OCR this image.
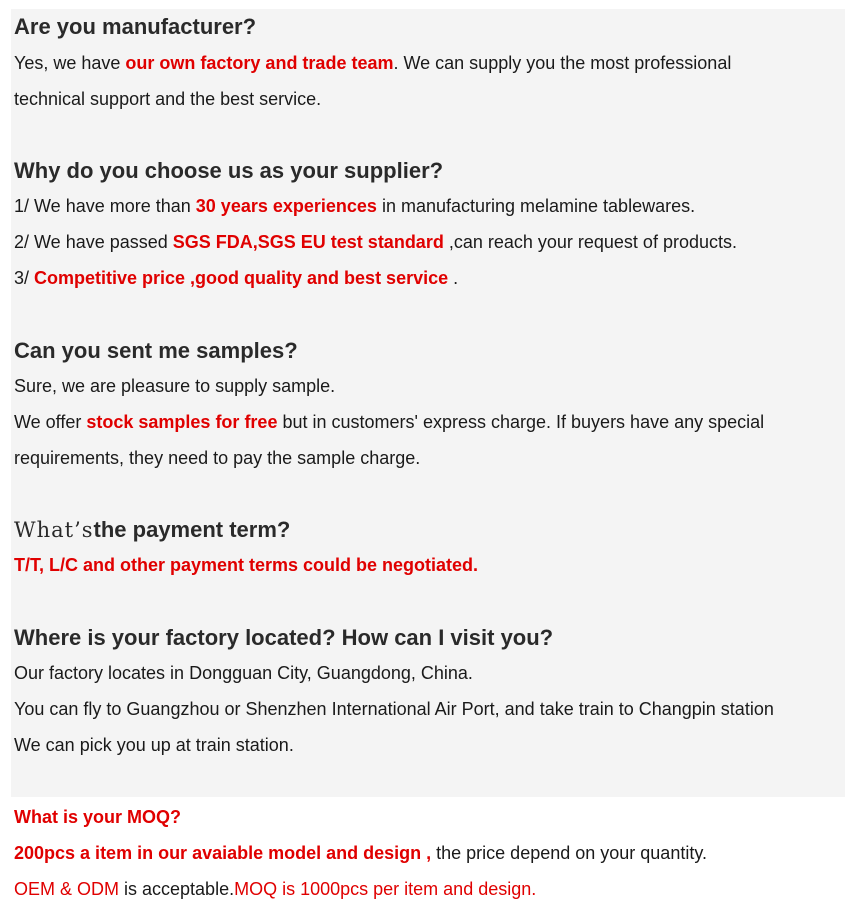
Are you manufacturer?
Yes, we have our own factory and trade team. We can supply you the most professional
technical support and the best service.
Why do you choose us as your supplier?
1/ We have more than 30 years experiences in manufacturing melamine tablewares.
2/ We have passed SGS FDA,SGS EU test standard ,can reach your request of products.
3/ Competitive price ,good quality and best service .
Can you sent me samples?
Sure, we are pleasure to supply sample.
We offer stock samples for free but in customers' express charge. If buyers have any special
requirements, they need to pay the sample charge.
What’sthe payment term?
T/T, L/C and other payment terms could be negotiated.
Where is your factory located? How can I visit you?
Our factory locates in Dongguan City, Guangdong, China.
You can fly to Guangzhou or Shenzhen International Air Port, and take train to Changpin station
We can pick you up at train station.
What is your MOQ?
200pcs a item in our avaiable model and design , the price depend on your quantity.
OEM & ODM is acceptable.MOQ is 1000pcs per item and design.
